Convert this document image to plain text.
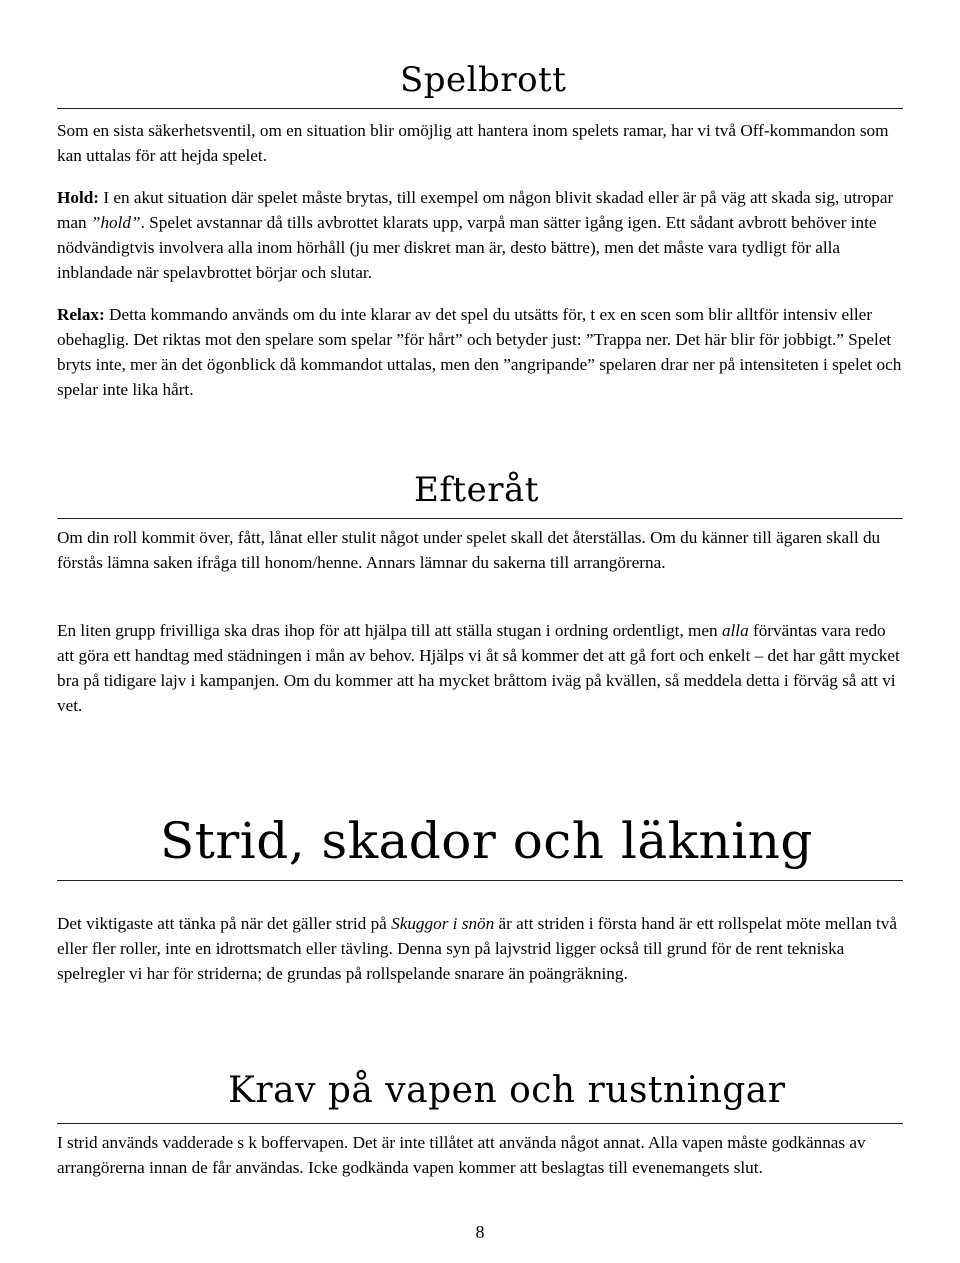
Spelbrott

Som en sista säkerhetsventil, om en situation blir omöjlig att hantera inom spelets ramar, har vi två Off-kommandon som kan uttalas för att hejda spelet.

Hold: I en akut situation där spelet måste brytas, till exempel om någon blivit skadad eller är på väg att skada sig, utropar man ”hold”. Spelet avstannar då tills avbrottet klarats upp, varpå man sätter igång igen. Ett sådant avbrott behöver inte nödvändigtvis involvera alla inom hörhåll (ju mer diskret man är, desto bättre), men det måste vara tydligt för alla inblandade när spelavbrottet börjar och slutar.

Relax: Detta kommando används om du inte klarar av det spel du utsätts för, t ex en scen som blir alltför intensiv eller obehaglig. Det riktas mot den spelare som spelar ”för hårt” och betyder just: ”Trappa ner. Det här blir för jobbigt.” Spelet bryts inte, mer än det ögonblick då kommandot uttalas, men den ”angripande” spelaren drar ner på intensiteten i spelet och spelar inte lika hårt.

Efteråt

Om din roll kommit över, fått, lånat eller stulit något under spelet skall det återställas. Om du känner till ägaren skall du förstås lämna saken ifråga till honom/henne. Annars lämnar du sakerna till arrangörerna.

En liten grupp frivilliga ska dras ihop för att hjälpa till att ställa stugan i ordning ordentligt, men alla förväntas vara redo att göra ett handtag med städningen i mån av behov. Hjälps vi åt så kommer det att gå fort och enkelt – det har gått mycket bra på tidigare lajv i kampanjen. Om du kommer att ha mycket bråttom iväg på kvällen, så meddela detta i förväg så att vi vet.

Strid, skador och läkning

Det viktigaste att tänka på när det gäller strid på Skuggor i snön är att striden i första hand är ett rollspelat möte mellan två eller fler roller, inte en idrottsmatch eller tävling. Denna syn på lajvstrid ligger också till grund för de rent tekniska spelregler vi har för striderna; de grundas på rollspelande snarare än poängräkning.

Krav på vapen och rustningar

I strid används vadderade s k boffervapen. Det är inte tillåtet att använda något annat. Alla vapen måste godkännas av arrangörerna innan de får användas. Icke godkända vapen kommer att beslagtas till evenemangets slut.

8
